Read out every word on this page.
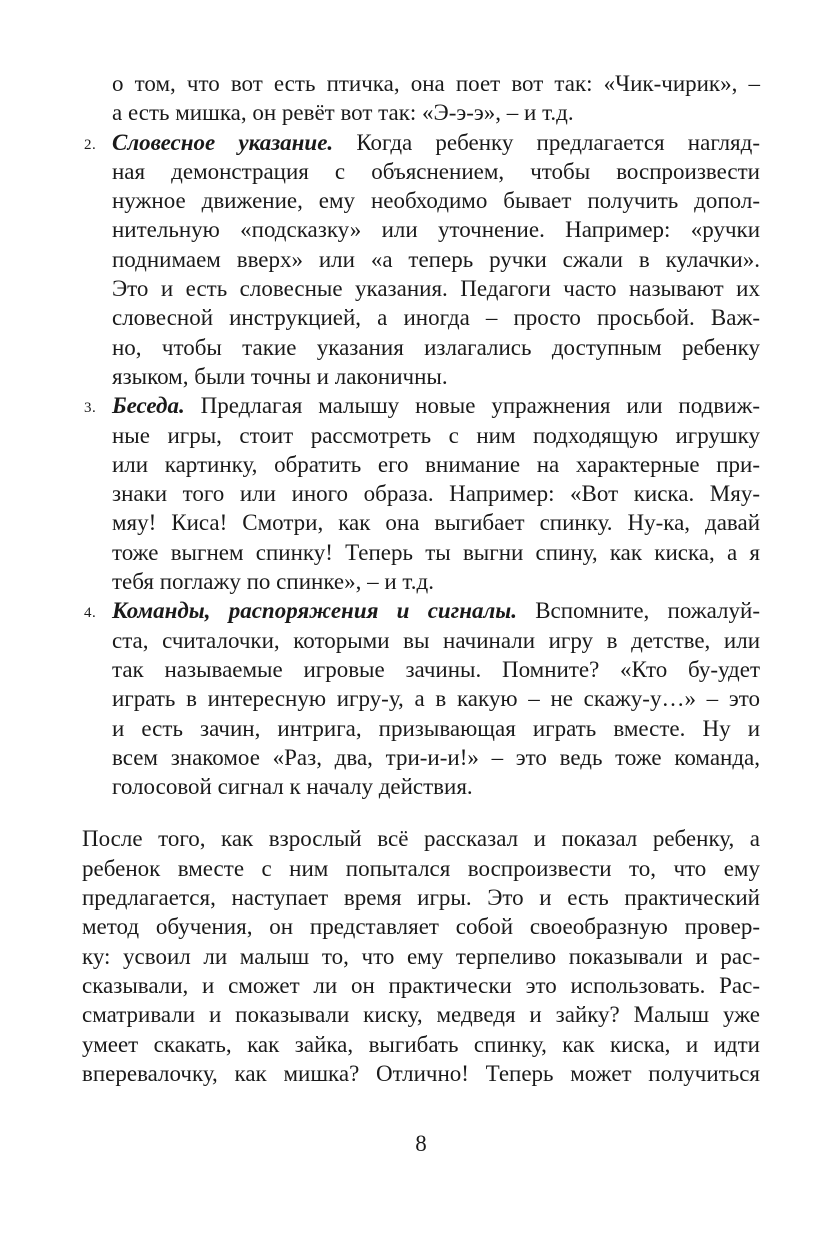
о том, что вот есть птичка, она поет вот так: «Чик-чирик», –
а есть мишка, он ревёт вот так: «Э-э-э», – и т.д.
2. Словесное указание. Когда ребенку предлагается нагляд-
ная демонстрация с объяснением, чтобы воспроизвести
нужное движение, ему необходимо бывает получить допол-
нительную «подсказку» или уточнение. Например: «ручки
поднимаем вверх» или «а теперь ручки сжали в кулачки».
Это и есть словесные указания. Педагоги часто называют их
словесной инструкцией, а иногда – просто просьбой. Важ-
но, чтобы такие указания излагались доступным ребенку
языком, были точны и лаконичны.
3. Беседа. Предлагая малышу новые упражнения или подвиж-
ные игры, стоит рассмотреть с ним подходящую игрушку
или картинку, обратить его внимание на характерные при-
знаки того или иного образа. Например: «Вот киска. Мяу-
мяу! Киса! Смотри, как она выгибает спинку. Ну-ка, давай
тоже выгнем спинку! Теперь ты выгни спину, как киска, а я
тебя поглажу по спинке», – и т.д.
4. Команды, распоряжения и сигналы. Вспомните, пожалуй-
ста, считалочки, которыми вы начинали игру в детстве, или
так называемые игровые зачины. Помните? «Кто бу-удет
играть в интересную игру-у, а в какую – не скажу-у…» – это
и есть зачин, интрига, призывающая играть вместе. Ну и
всем знакомое «Раз, два, три-и-и!» – это ведь тоже команда,
голосовой сигнал к началу действия.
После того, как взрослый всё рассказал и показал ребенку, а
ребенок вместе с ним попытался воспроизвести то, что ему
предлагается, наступает время игры. Это и есть практический
метод обучения, он представляет собой своеобразную провер-
ку: усвоил ли малыш то, что ему терпеливо показывали и рас-
сказывали, и сможет ли он практически это использовать. Рас-
сматривали и показывали киску, медведя и зайку? Малыш уже
умеет скакать, как зайка, выгибать спинку, как киска, и идти
вперевалочку, как мишка? Отлично! Теперь может получиться
8
